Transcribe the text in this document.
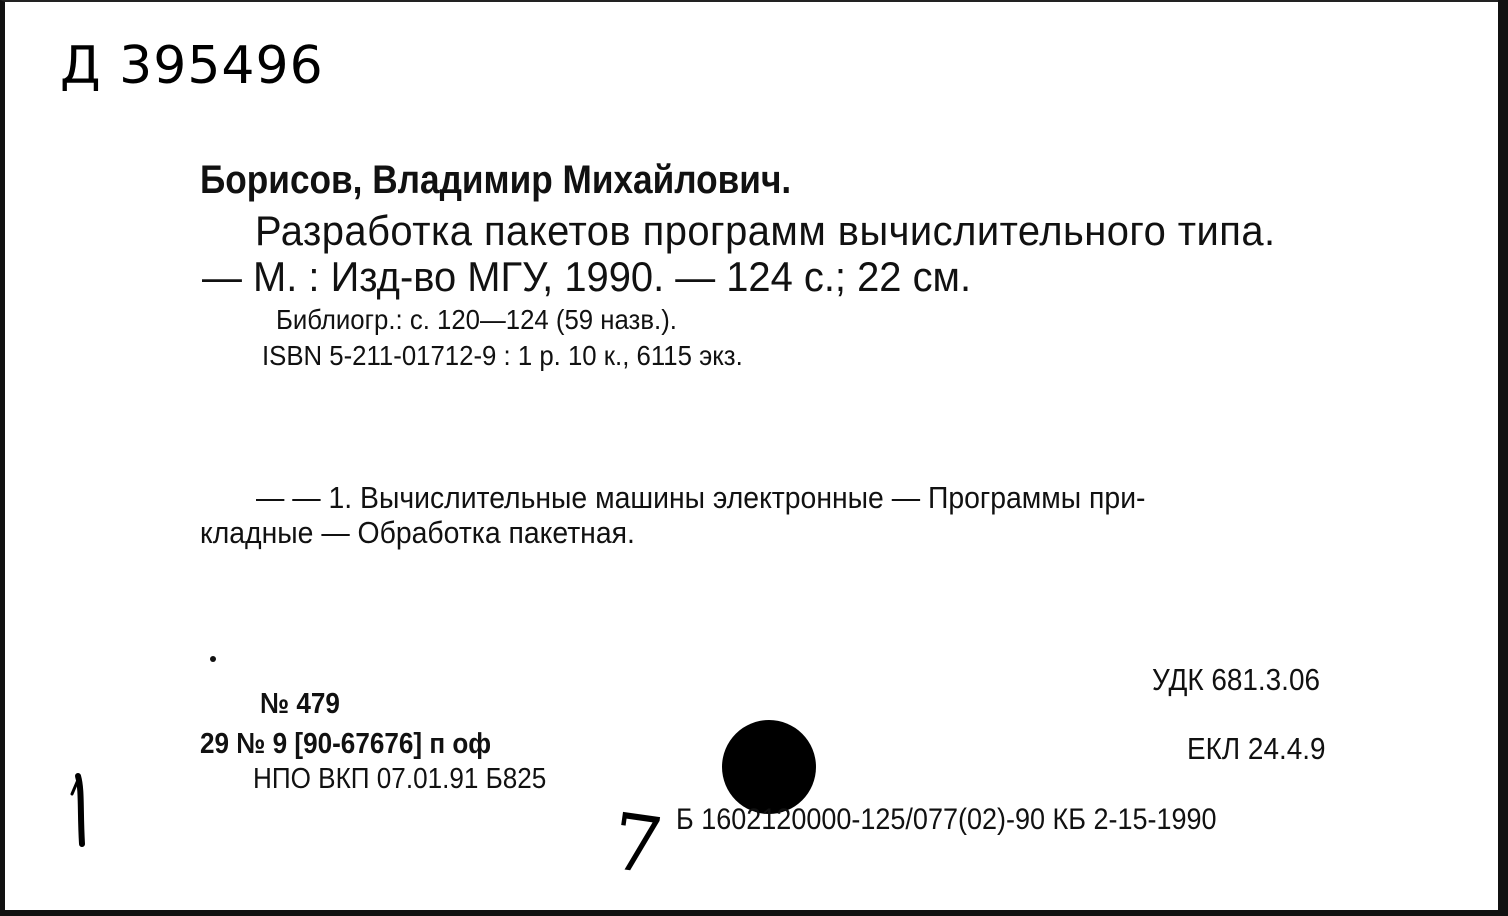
Д 395496
Борисов, Владимир Михайлович.
Разработка пакетов программ вычислительного типа.
— М. : Изд-во МГУ, 1990. — 124 с.; 22 см.
Библиогр.: с. 120—124 (59 назв.).
ISBN 5-211-01712-9 : 1 р. 10 к., 6115 экз.
— — 1. Вычислительные машины электронные — Программы при-
кладные — Обработка пакетная.
УДК 681.3.06
ЕКЛ 24.4.9
№ 479
29 № 9 [90-67676] п оф
НПО ВКП 07.01.91 Б825
Б 1602120000-125/077(02)-90 КБ 2-15-1990
7
